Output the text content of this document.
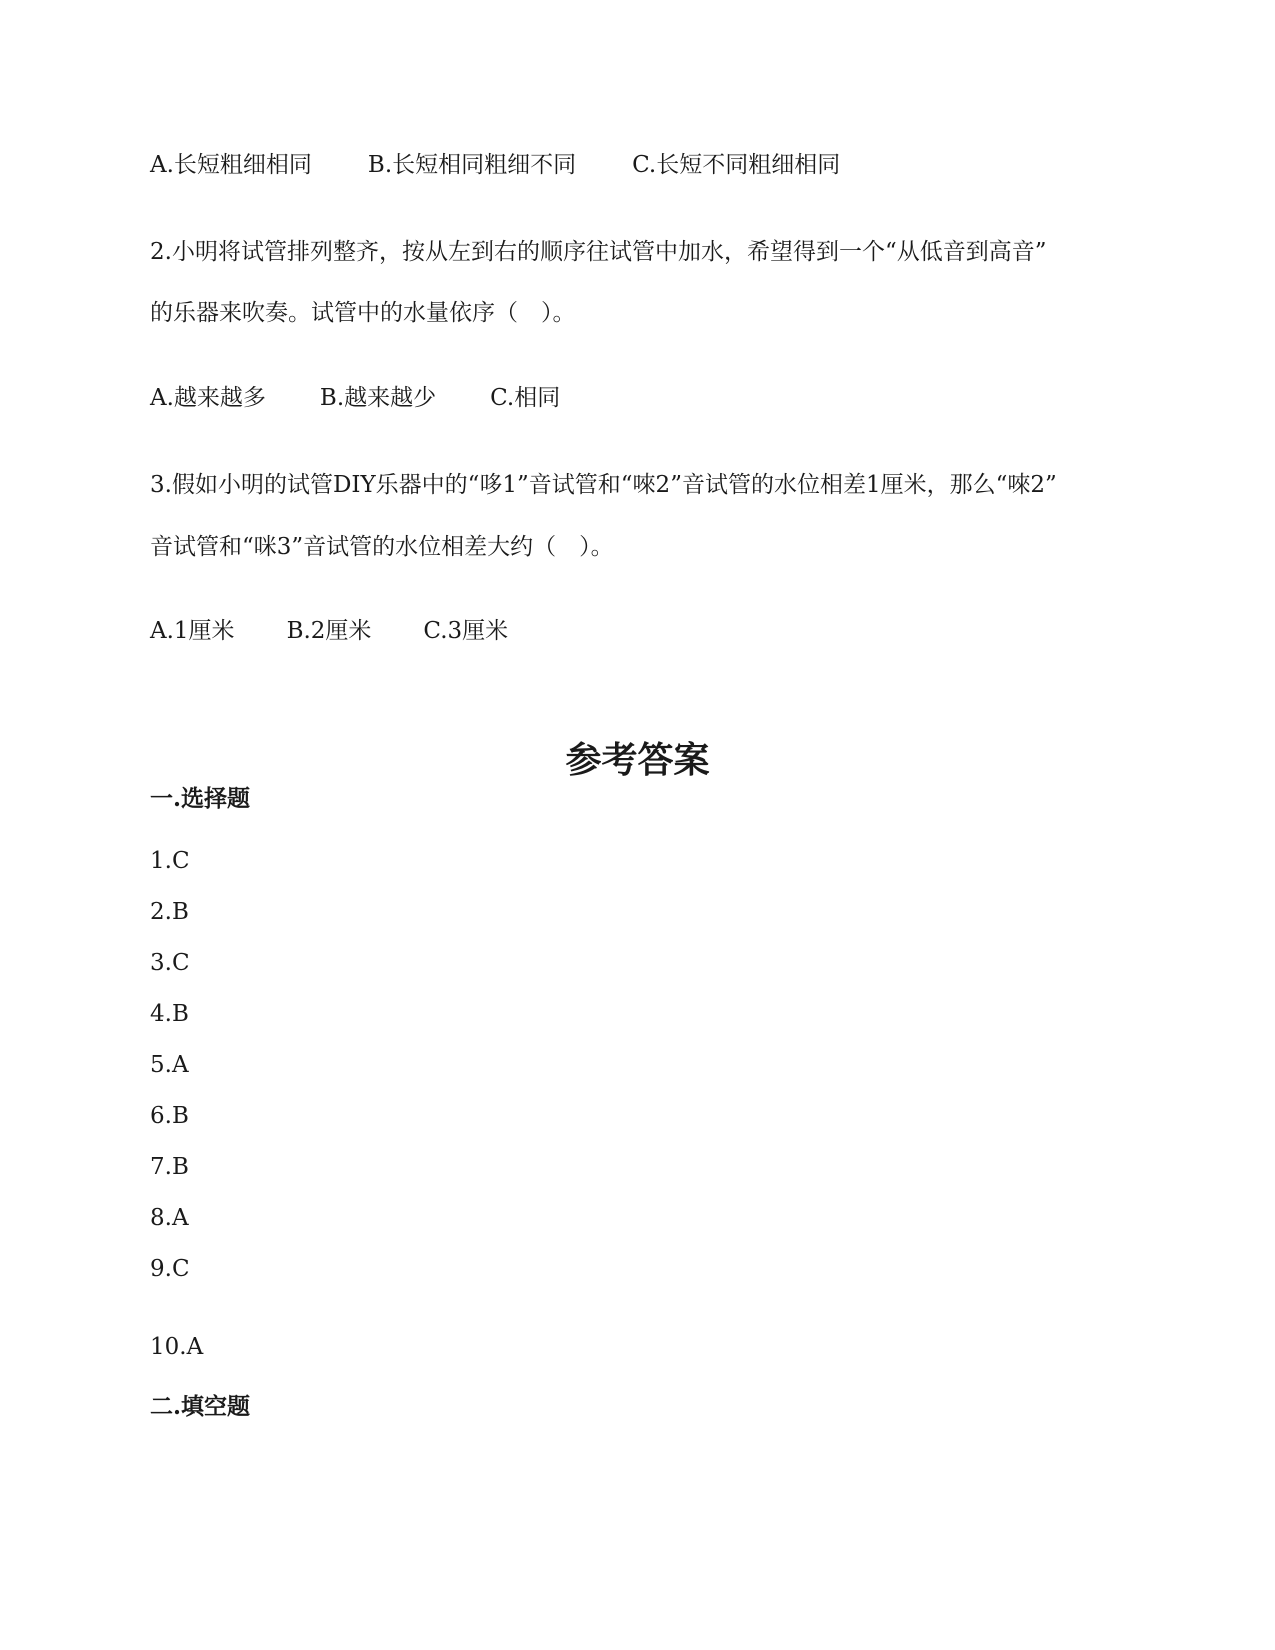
A.长短粗细相同 B.长短相同粗细不同 C.长短不同粗细相同
2.小明将试管排列整齐，按从左到右的顺序往试管中加水，希望得到一个“从低音到高音”
的乐器来吹奏。试管中的水量依序（　）。
A.越来越多 B.越来越少 C.相同
3.假如小明的试管DIY乐器中的“哆1”音试管和“唻2”音试管的水位相差1厘米，那么“唻2”
音试管和“咪3”音试管的水位相差大约（　）。
A.1厘米 B.2厘米 C.3厘米
参考答案
一.选择题
1.C
2.B
3.C
4.B
5.A
6.B
7.B
8.A
9.C
10.A
二.填空题
